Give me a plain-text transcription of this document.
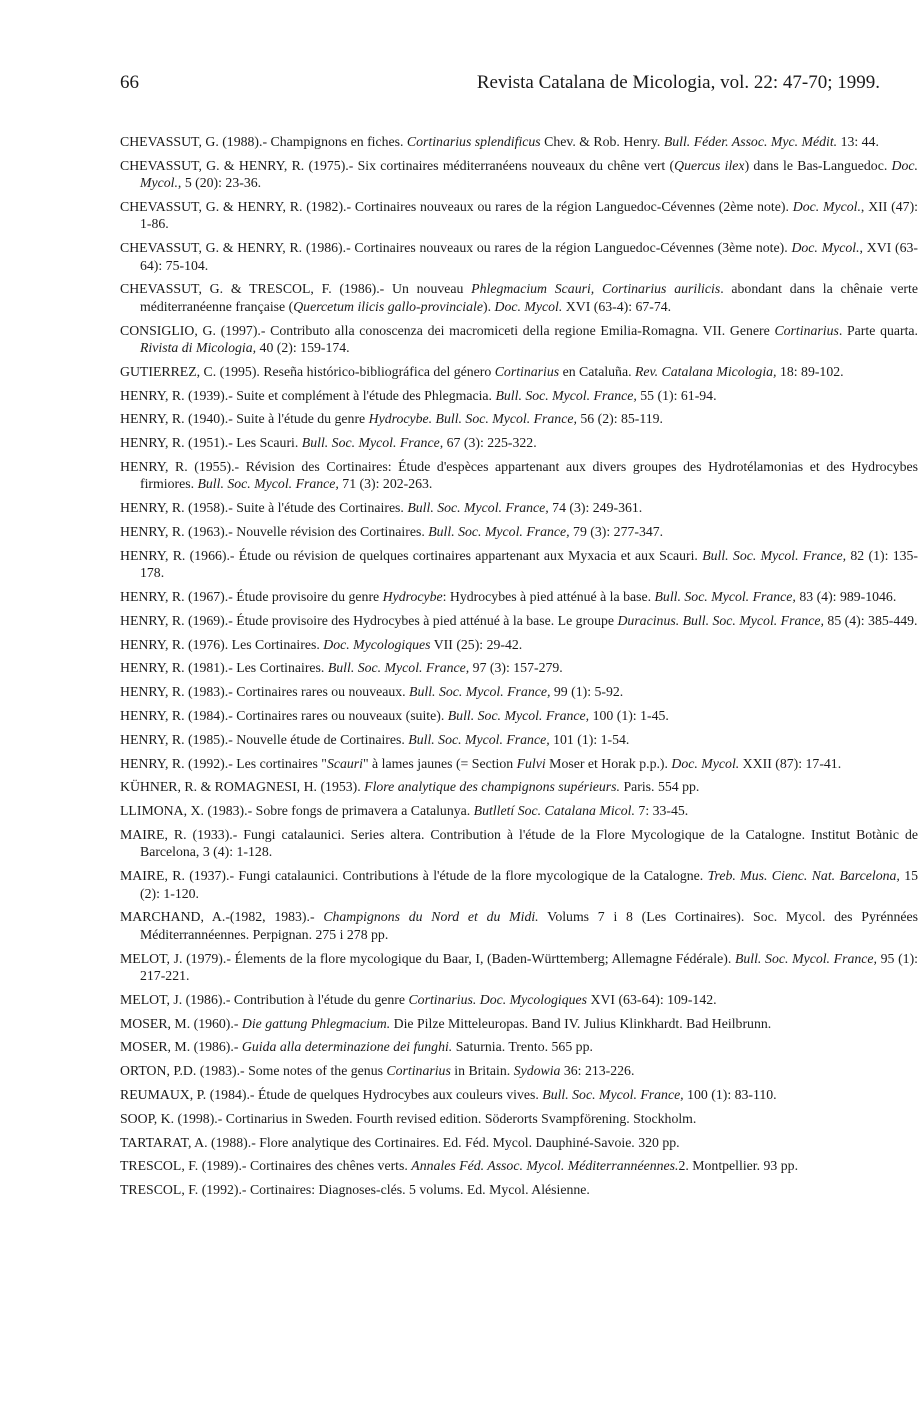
66	Revista Catalana de Micologia, vol. 22: 47-70; 1999.
CHEVASSUT, G. (1988).- Champignons en fiches. Cortinarius splendificus Chev. & Rob. Henry. Bull. Féder. Assoc. Myc. Médit. 13: 44.
CHEVASSUT, G. & HENRY, R. (1975).- Six cortinaires méditerranéens nouveaux du chêne vert (Quercus ilex) dans le Bas-Languedoc. Doc. Mycol., 5 (20): 23-36.
CHEVASSUT, G. & HENRY, R. (1982).- Cortinaires nouveaux ou rares de la région Languedoc-Cévennes (2ème note). Doc. Mycol., XII (47): 1-86.
CHEVASSUT, G. & HENRY, R. (1986).- Cortinaires nouveaux ou rares de la région Languedoc-Cévennes (3ème note). Doc. Mycol., XVI (63-64): 75-104.
CHEVASSUT, G. & TRESCOL, F. (1986).- Un nouveau Phlegmacium Scauri, Cortinarius aurilicis. abondant dans la chênaie verte méditerranéenne française (Quercetum ilicis gallo-provinciale). Doc. Mycol. XVI (63-4): 67-74.
CONSIGLIO, G. (1997).- Contributo alla conoscenza dei macromiceti della regione Emilia-Romagna. VII. Genere Cortinarius. Parte quarta. Rivista di Micologia, 40 (2): 159-174.
GUTIERREZ, C. (1995). Reseña histórico-bibliográfica del género Cortinarius en Cataluña. Rev. Catalana Micologia, 18: 89-102.
HENRY, R. (1939).- Suite et complément à l'étude des Phlegmacia. Bull. Soc. Mycol. France, 55 (1): 61-94.
HENRY, R. (1940).- Suite à l'étude du genre Hydrocybe. Bull. Soc. Mycol. France, 56 (2): 85-119.
HENRY, R. (1951).- Les Scauri. Bull. Soc. Mycol. France, 67 (3): 225-322.
HENRY, R. (1955).- Révision des Cortinaires: Étude d'espèces appartenant aux divers groupes des Hydrotélamonias et des Hydrocybes firmiores. Bull. Soc. Mycol. France, 71 (3): 202-263.
HENRY, R. (1958).- Suite à l'étude des Cortinaires. Bull. Soc. Mycol. France, 74 (3): 249-361.
HENRY, R. (1963).- Nouvelle révision des Cortinaires. Bull. Soc. Mycol. France, 79 (3): 277-347.
HENRY, R. (1966).- Étude ou révision de quelques cortinaires appartenant aux Myxacia et aux Scauri. Bull. Soc. Mycol. France, 82 (1): 135-178.
HENRY, R. (1967).- Étude provisoire du genre Hydrocybe: Hydrocybes à pied atténué à la base. Bull. Soc. Mycol. France, 83 (4): 989-1046.
HENRY, R. (1969).- Étude provisoire des Hydrocybes à pied atténué à la base. Le groupe Duracinus. Bull. Soc. Mycol. France, 85 (4): 385-449.
HENRY, R. (1976). Les Cortinaires. Doc. Mycologiques VII (25): 29-42.
HENRY, R. (1981).- Les Cortinaires. Bull. Soc. Mycol. France, 97 (3): 157-279.
HENRY, R. (1983).- Cortinaires rares ou nouveaux. Bull. Soc. Mycol. France, 99 (1): 5-92.
HENRY, R. (1984).- Cortinaires rares ou nouveaux (suite). Bull. Soc. Mycol. France, 100 (1): 1-45.
HENRY, R. (1985).- Nouvelle étude de Cortinaires. Bull. Soc. Mycol. France, 101 (1): 1-54.
HENRY, R. (1992).- Les cortinaires "Scauri" à lames jaunes (= Section Fulvi Moser et Horak p.p.). Doc. Mycol. XXII (87): 17-41.
KÜHNER, R. & ROMAGNESI, H. (1953). Flore analytique des champignons supérieurs. Paris. 554 pp.
LLIMONA, X. (1983).- Sobre fongs de primavera a Catalunya. Butlletí Soc. Catalana Micol. 7: 33-45.
MAIRE, R. (1933).- Fungi catalaunici. Series altera. Contribution à l'étude de la Flore Mycologique de la Catalogne. Institut Botànic de Barcelona, 3 (4): 1-128.
MAIRE, R. (1937).- Fungi catalaunici. Contributions à l'étude de la flore mycologique de la Catalogne. Treb. Mus. Cienc. Nat. Barcelona, 15 (2): 1-120.
MARCHAND, A.-(1982, 1983).- Champignons du Nord et du Midi. Volums 7 i 8 (Les Cortinaires). Soc. Mycol. des Pyrénnées Méditerrannéennes. Perpignan. 275 i 278 pp.
MELOT, J. (1979).- Élements de la flore mycologique du Baar, I, (Baden-Württemberg; Allemagne Fédérale). Bull. Soc. Mycol. France, 95 (1): 217-221.
MELOT, J. (1986).- Contribution à l'étude du genre Cortinarius. Doc. Mycologiques XVI (63-64): 109-142.
MOSER, M. (1960).- Die gattung Phlegmacium. Die Pilze Mitteleuropas. Band IV. Julius Klinkhardt. Bad Heilbrunn.
MOSER, M. (1986).- Guida alla determinazione dei funghi. Saturnia. Trento. 565 pp.
ORTON, P.D. (1983).- Some notes of the genus Cortinarius in Britain. Sydowia 36: 213-226.
REUMAUX, P. (1984).- Étude de quelques Hydrocybes aux couleurs vives. Bull. Soc. Mycol. France, 100 (1): 83-110.
SOOP, K. (1998).- Cortinarius in Sweden. Fourth revised edition. Söderorts Svampförening. Stockholm.
TARTARAT, A. (1988).- Flore analytique des Cortinaires. Ed. Féd. Mycol. Dauphiné-Savoie. 320 pp.
TRESCOL, F. (1989).- Cortinaires des chênes verts. Annales Féd. Assoc. Mycol. Méditerrannéennes.2. Montpellier. 93 pp.
TRESCOL, F. (1992).- Cortinaires: Diagnoses-clés. 5 volums. Ed. Mycol. Alésienne.
